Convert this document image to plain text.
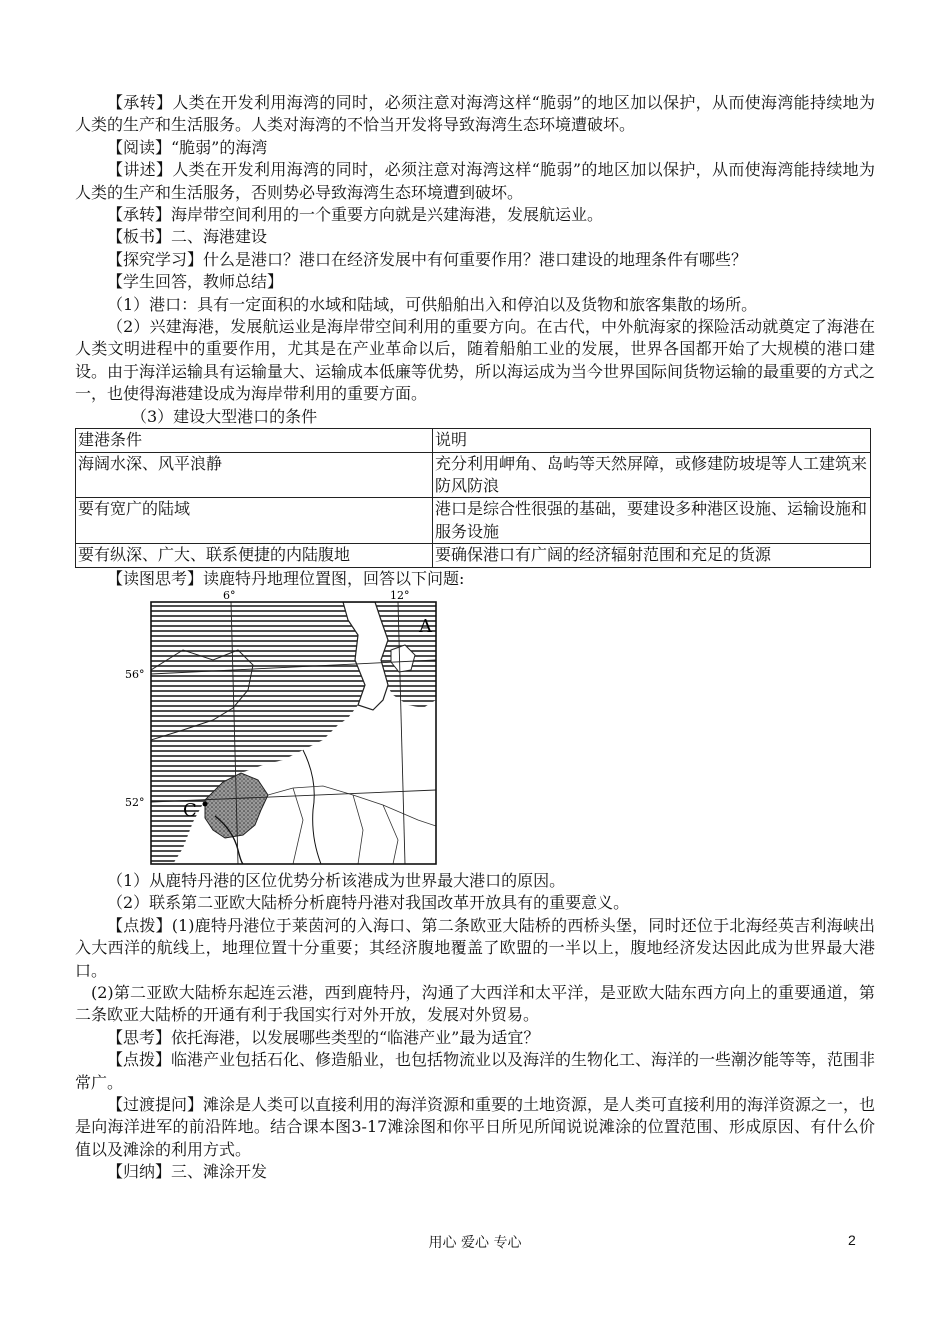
【承转】人类在开发利用海湾的同时，必须注意对海湾这样“脆弱”的地区加以保护，从而使海湾能持续地为人类的生产和生活服务。人类对海湾的不恰当开发将导致海湾生态环境遭破坏。

【阅读】“脆弱”的海湾

【讲述】人类在开发利用海湾的同时，必须注意对海湾这样“脆弱”的地区加以保护，从而使海湾能持续地为人类的生产和生活服务，否则势必导致海湾生态环境遭到破坏。

【承转】海岸带空间利用的一个重要方向就是兴建海港，发展航运业。

【板书】二、海港建设

【探究学习】什么是港口？港口在经济发展中有何重要作用？港口建设的地理条件有哪些？

【学生回答，教师总结】

（1）港口：具有一定面积的水域和陆域，可供船舶出入和停泊以及货物和旅客集散的场所。

（2）兴建海港，发展航运业是海岸带空间利用的重要方向。在古代，中外航海家的探险活动就奠定了海港在人类文明进程中的重要作用，尤其是在产业革命以后，随着船舶工业的发展，世界各国都开始了大规模的港口建设。由于海洋运输具有运输量大、运输成本低廉等优势，所以海运成为当今世界国际间货物运输的最重要的方式之一，也使得海港建设成为海岸带利用的重要方面。

（3）建设大型港口的条件

建港条件	说明
海阔水深、风平浪静	充分利用岬角、岛屿等天然屏障，或修建防坡堤等人工建筑来防风防浪
要有宽广的陆域	港口是综合性很强的基础，要建设多种港区设施、运输设施和服务设施
要有纵深、广大、联系便捷的内陆腹地	要确保港口有广阔的经济辐射范围和充足的货源

【读图思考】读鹿特丹地理位置图，回答以下问题:

6°	12°
56°
52°
A
C

（1）从鹿特丹港的区位优势分析该港成为世界最大港口的原因。

（2）联系第二亚欧大陆桥分析鹿特丹港对我国改革开放具有的重要意义。

【点拨】(1)鹿特丹港位于莱茵河的入海口、第二条欧亚大陆桥的西桥头堡，同时还位于北海经英吉利海峡出入大西洋的航线上，地理位置十分重要；其经济腹地覆盖了欧盟的一半以上，腹地经济发达因此成为世界最大港口。

(2)第二亚欧大陆桥东起连云港，西到鹿特丹，沟通了大西洋和太平洋，是亚欧大陆东西方向上的重要通道，第二条欧亚大陆桥的开通有利于我国实行对外开放，发展对外贸易。

【思考】依托海港，以发展哪些类型的“临港产业”最为适宜？

【点拨】临港产业包括石化、修造船业，也包括物流业以及海洋的生物化工、海洋的一些潮汐能等等，范围非常广。

【过渡提问】滩涂是人类可以直接利用的海洋资源和重要的土地资源，是人类可直接利用的海洋资源之一，也是向海洋进军的前沿阵地。结合课本图3-17滩涂图和你平日所见所闻说说滩涂的位置范围、形成原因、有什么价值以及滩涂的利用方式。

【归纳】三、滩涂开发

用心 爱心 专心	2
